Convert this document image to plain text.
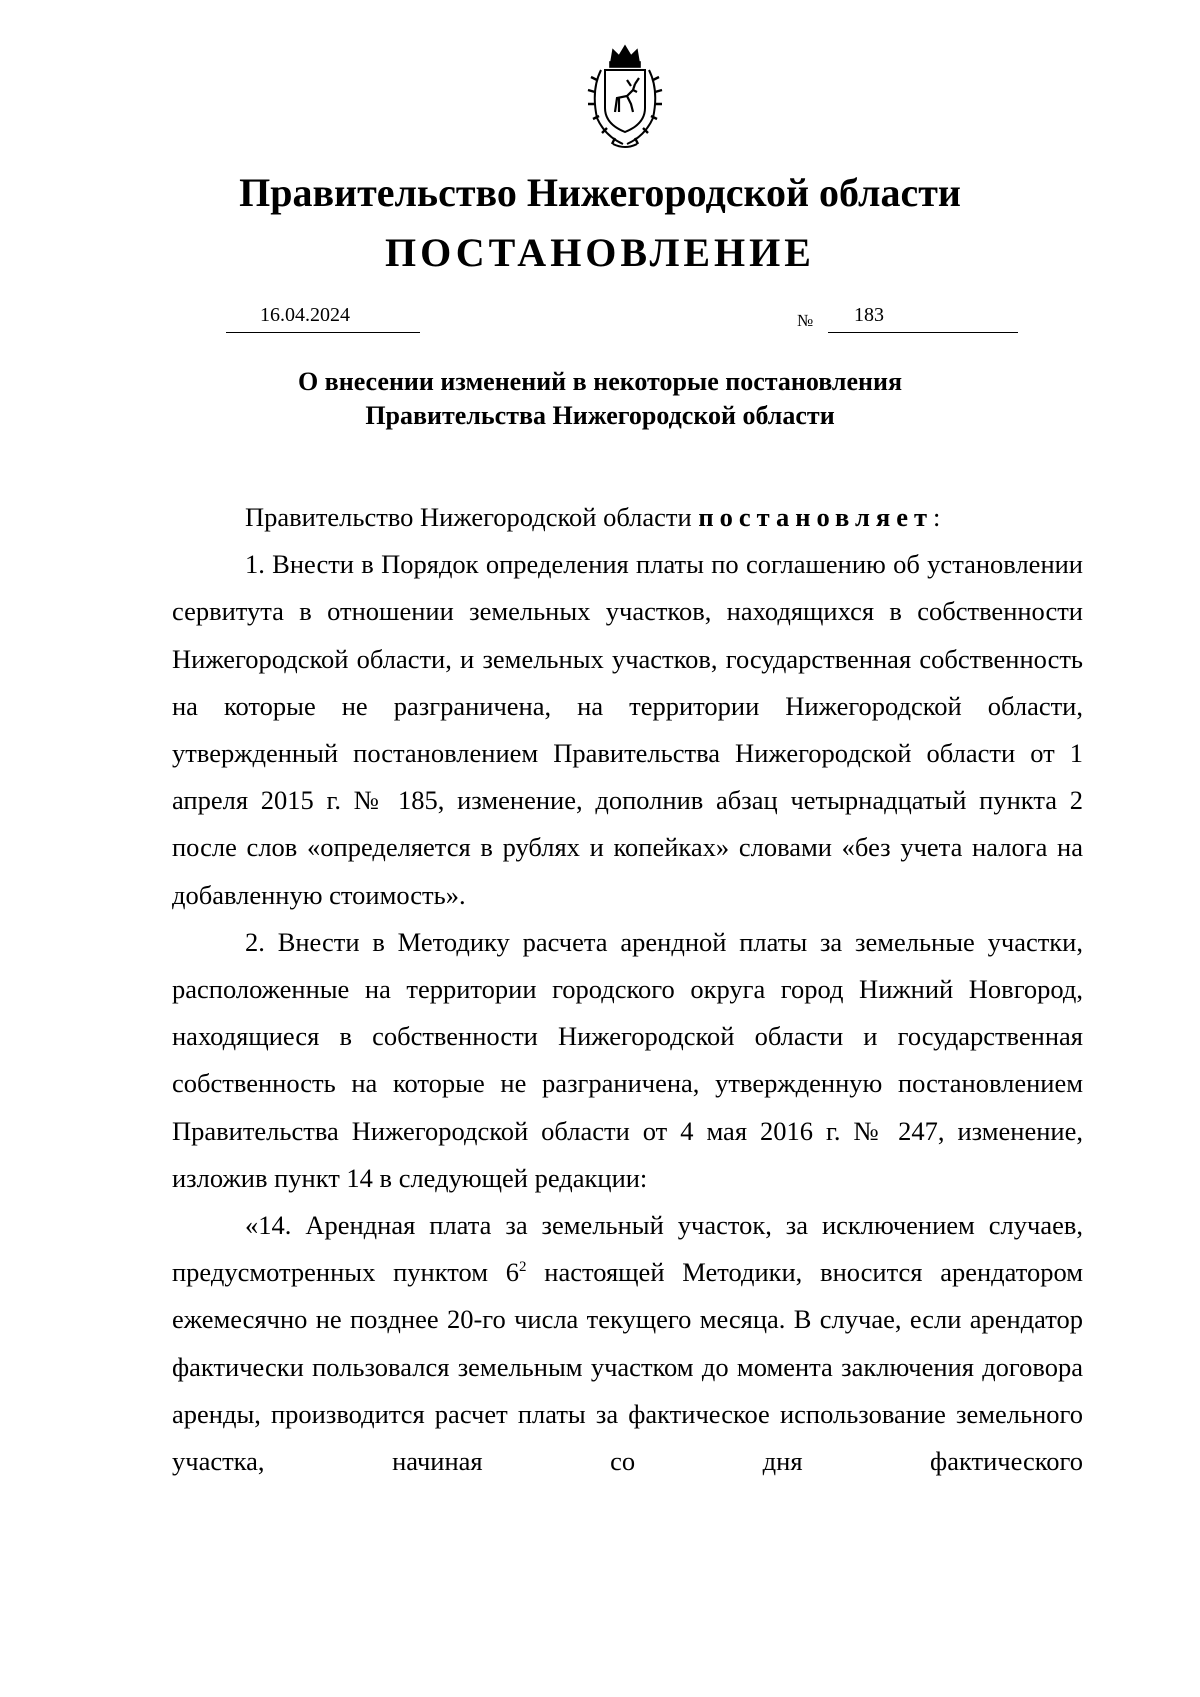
Правительство Нижегородской области
ПОСТАНОВЛЕНИЕ
16.04.2024	№ 183
О внесении изменений в некоторые постановления
Правительства Нижегородской области

Правительство Нижегородской области постановляет:

1. Внести в Порядок определения платы по соглашению об установлении сервитута в отношении земельных участков, находящихся в собственности Нижегородской области, и земельных участков, государственная собственность на которые не разграничена, на территории Нижегородской области, утвержденный постановлением Правительства Нижегородской области от 1 апреля 2015 г. № 185, изменение, дополнив абзац четырнадцатый пункта 2 после слов «определяется в рублях и копейках» словами «без учета налога на добавленную стоимость».

2. Внести в Методику расчета арендной платы за земельные участки, расположенные на территории городского округа город Нижний Новгород, находящиеся в собственности Нижегородской области и государственная собственность на которые не разграничена, утвержденную постановлением Правительства Нижегородской области от 4 мая 2016 г. № 247, изменение, изложив пункт 14 в следующей редакции:

«14. Арендная плата за земельный участок, за исключением случаев, предусмотренных пунктом $6^2$ настоящей Методики, вносится арендатором ежемесячно не позднее 20-го числа текущего месяца. В случае, если арендатор фактически пользовался земельным участком до момента заключения договора аренды, производится расчет платы за фактическое использование земельного участка, начиная со дня фактического
